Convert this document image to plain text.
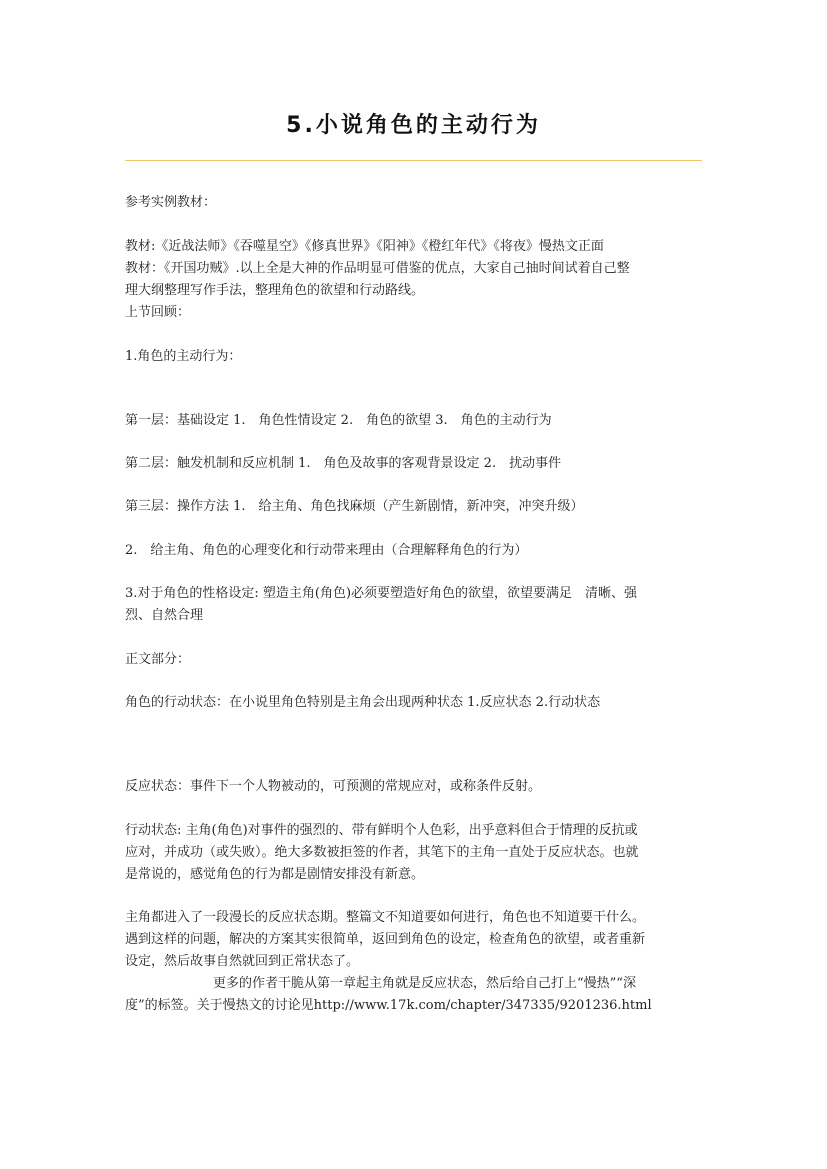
5.小说角色的主动行为

参考实例教材：

教材:《近战法师》《吞噬星空》《修真世界》《阳神》《橙红年代》《将夜》慢热文正面

教材：《开国功贼》.以上全是大神的作品明显可借鉴的优点，大家自己抽时间试着自己整

理大纲整理写作手法，整理角色的欲望和行动路线。

上节回顾：

1.角色的主动行为：

第一层：基础设定 1.　角色性情设定 2.　角色的欲望 3.　角色的主动行为

第二层：触发机制和反应机制 1.　角色及故事的客观背景设定 2.　扰动事件

第三层：操作方法 1.　给主角、角色找麻烦（产生新剧情，新冲突，冲突升级）

2.　给主角、角色的心理变化和行动带来理由（合理解释角色的行为）

3.对于角色的性格设定: 塑造主角(角色)必须要塑造好角色的欲望，欲望要满足　清晰、强

烈、自然合理

正文部分：

角色的行动状态：在小说里角色特别是主角会出现两种状态 1.反应状态 2.行动状态

反应状态：事件下一个人物被动的，可预测的常规应对，或称条件反射。

行动状态: 主角(角色)对事件的强烈的、带有鲜明个人色彩，出乎意料但合于情理的反抗或

应对，并成功（或失败）。绝大多数被拒签的作者，其笔下的主角一直处于反应状态。也就

是常说的，感觉角色的行为都是剧情安排没有新意。

主角都进入了一段漫长的反应状态期。整篇文不知道要如何进行，角色也不知道要干什么。

遇到这样的问题，解决的方案其实很简单，返回到角色的设定，检查角色的欲望，或者重新

设定，然后故事自然就回到正常状态了。

更多的作者干脆从第一章起主角就是反应状态，然后给自己打上“慢热”“深

度”的标签。关于慢热文的讨论见http://www.17k.com/chapter/347335/9201236.html
